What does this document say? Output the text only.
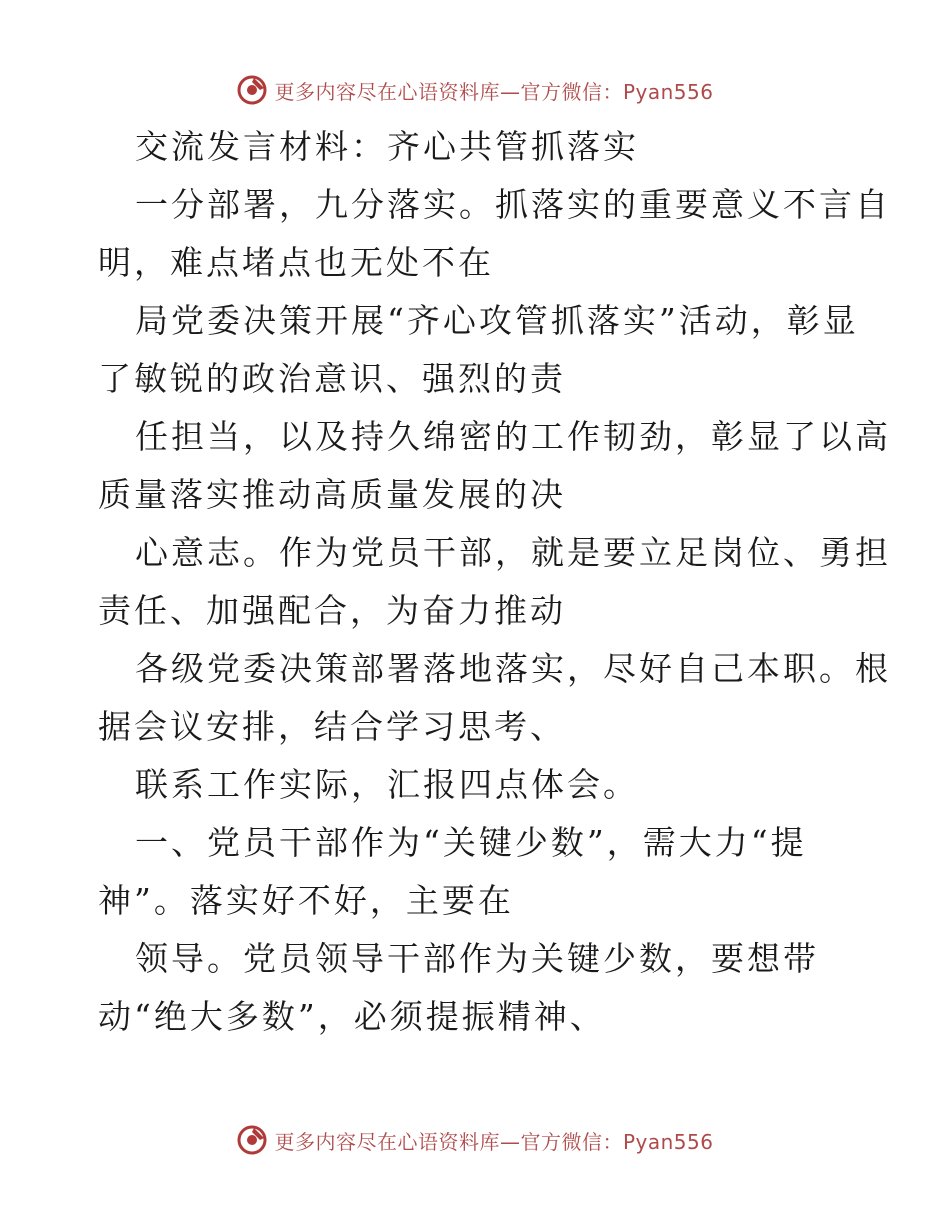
更多内容尽在心语资料库—官方微信：Pyan556
交流发言材料：齐心共管抓落实
一分部署，九分落实。抓落实的重要意义不言自
明，难点堵点也无处不在
局党委决策开展“齐心攻管抓落实”活动，彰显
了敏锐的政治意识、强烈的责
任担当，以及持久绵密的工作韧劲，彰显了以高
质量落实推动高质量发展的决
心意志。作为党员干部，就是要立足岗位、勇担
责任、加强配合，为奋力推动
各级党委决策部署落地落实，尽好自己本职。根
据会议安排，结合学习思考、
联系工作实际，汇报四点体会。
一、党员干部作为“关键少数”，需大力“提
神”。落实好不好，主要在
领导。党员领导干部作为关键少数，要想带
动“绝大多数”，必须提振精神、
更多内容尽在心语资料库—官方微信：Pyan556
